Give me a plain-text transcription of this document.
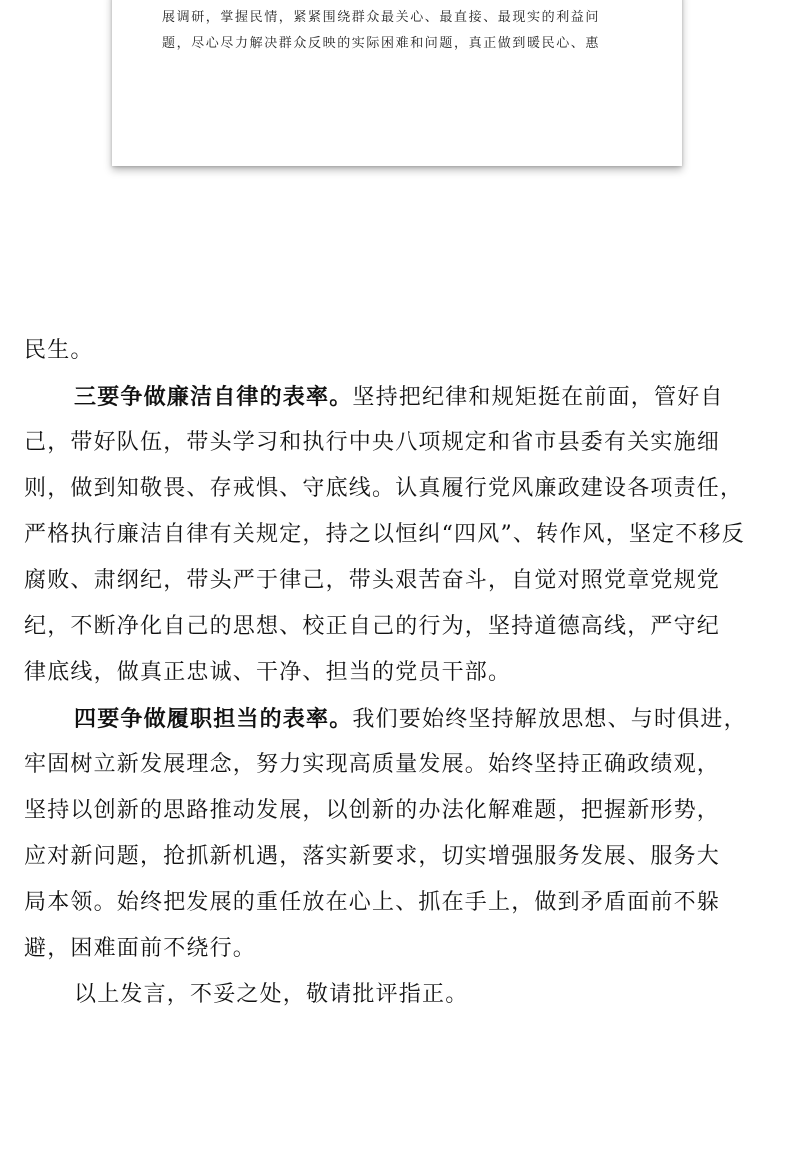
展调研，掌握民情，紧紧围绕群众最关心、最直接、最现实的利益问
题，尽心尽力解决群众反映的实际困难和问题，真正做到暖民心、惠
民生。
三要争做廉洁自律的表率。坚持把纪律和规矩挺在前面，管好自
己，带好队伍，带头学习和执行中央八项规定和省市县委有关实施细
则，做到知敬畏、存戒惧、守底线。认真履行党风廉政建设各项责任，
严格执行廉洁自律有关规定，持之以恒纠“四风”、转作风，坚定不移反
腐败、肃纲纪，带头严于律己，带头艰苦奋斗，自觉对照党章党规党
纪，不断净化自己的思想、校正自己的行为，坚持道德高线，严守纪
律底线，做真正忠诚、干净、担当的党员干部。
四要争做履职担当的表率。我们要始终坚持解放思想、与时俱进，
牢固树立新发展理念，努力实现高质量发展。始终坚持正确政绩观，
坚持以创新的思路推动发展，以创新的办法化解难题，把握新形势，
应对新问题，抢抓新机遇，落实新要求，切实增强服务发展、服务大
局本领。始终把发展的重任放在心上、抓在手上，做到矛盾面前不躲
避，困难面前不绕行。
以上发言，不妥之处，敬请批评指正。
